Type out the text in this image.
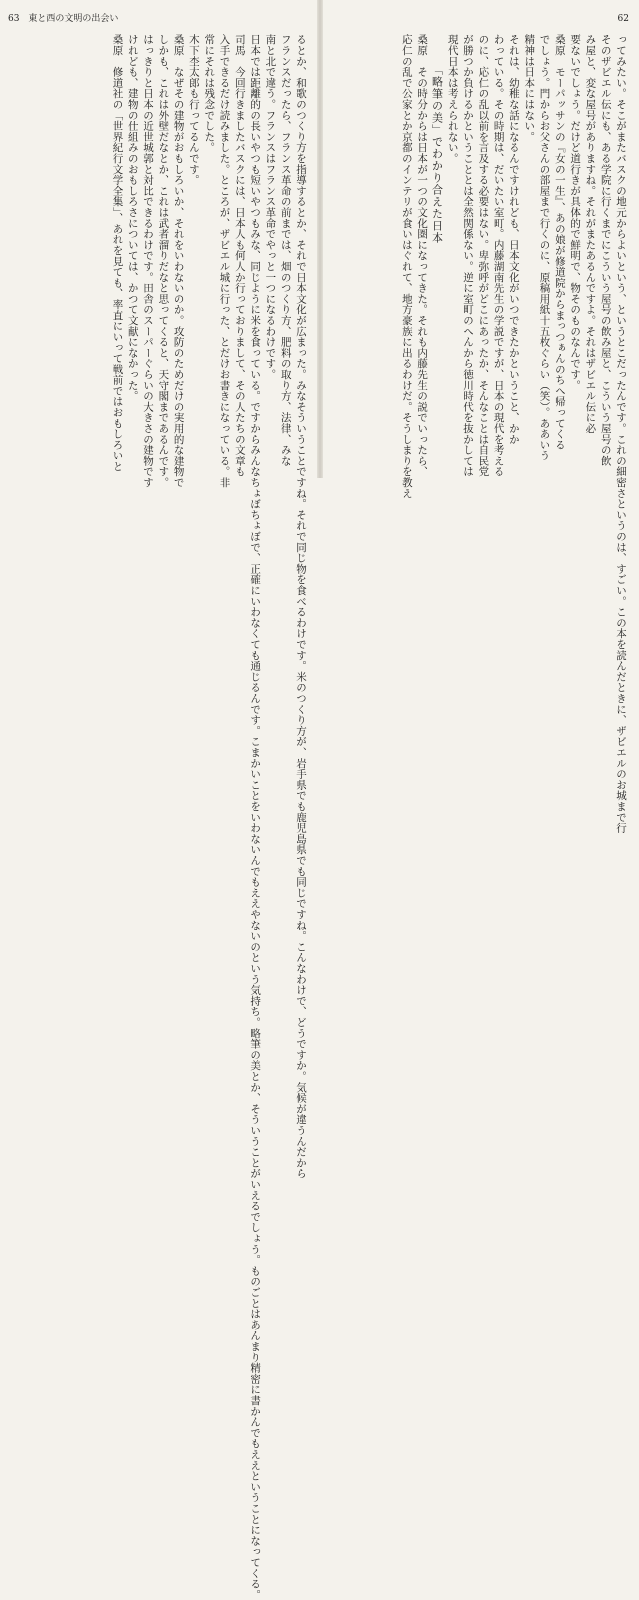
63 東と西の文明の出会い
るとか、和歌のつくり方を指導するとか、それで日本文化が広まった。みなそういうことですね。それで同じ物を食べるわけです。米のつくり方が、岩手県でも鹿児島県でも同じですね。こんなわけで、どうですか。気候が違うんだから
フランスだったら、フランス革命の前までは、畑のつくり方、肥料の取り方、法律、みな
南と北で違う。フランスはフランス革命でやっと一つになるわけです。
日本では距離的の長いやつも短いやつもみな、同じように米を食っている。ですからみんなちょぼちょぼで、正確にいわなくても通じるんです。こまかいことをいわないんでもええやないのという気持ち。略筆の美とか、そういうことがいえるでしょう。ものごとはあんまり精密に書かんでもええということになってくる。
司馬　今回行きましたバスクには、日本人も何人か行っておりまして、その人たちの文章も
入手できるだけ読みました。ところが、ザビエル城に行った、とだけお書きになっている。非
常にそれは残念でした。
木下杢太郎も行ってるんです。
桑原　なぜその建物がおもしろいか、それをいわないのか。攻防のためだけの実用的な建物で
しかも、これは外壁だなとか、これは武者溜りだなと思ってくると、天守閣まであるんです。
はっきりと日本の近世城郭と対比できるわけです。田舎のスーパーぐらいの大きさの建物です
けれども、建物の仕組みのおもしろさについては、かつて文献になかった。
桑原　修道社の「世界紀行文学全集」、あれを見ても、率直にいって戦前ではおもしろいと
62
ってみたい。そこがまたバスクの地元からよいという、というとこだったんです。これの細密さというのは、すごい。この本を読んだときに、ザビエルのお城まで行
そのザビエル伝にも、ある学院に行くまでにこういう屋号の飲み屋と、こういう屋号の飲
み屋と、変な屋号がありますね。それがまたあるんですよ。それはザビエル伝に必
要ないでしょう。だけど道行きが具体的で鮮明で、物そのものなんです。
桑原　モーパッサンの『女の一生』、あの娘が修道院からまっつぁんのちへ帰ってくる
でしょう。門からお父さんの部屋まで行くのに、原稿用紙十五枚ぐらい（笑）。ああいう
精神は日本にはない。
それは、幼稚な話になるんですけれども、日本文化がいつできたかということ、かか
わっている。その時期は、だいたい室町。内藤湖南先生の学説ですが、日本の現代を考える
のに、応仁の乱以前を言及する必要はない。卑弥呼がどこにあったか、そんなことは自民党
が勝つか負けるかということとは全然関係ない。逆に室町のへんから徳川時代を抜かしては
現代日本は考えられない。
「略筆の美」でわかり合えた日本
桑原　その時分からは日本が一つの文化圏になってきた。それも内藤先生の説でいったら、
応仁の乱で公家とか京都のインテリが食いはぐれて、地方豪族に出るわけだ。そうしまりを教え
